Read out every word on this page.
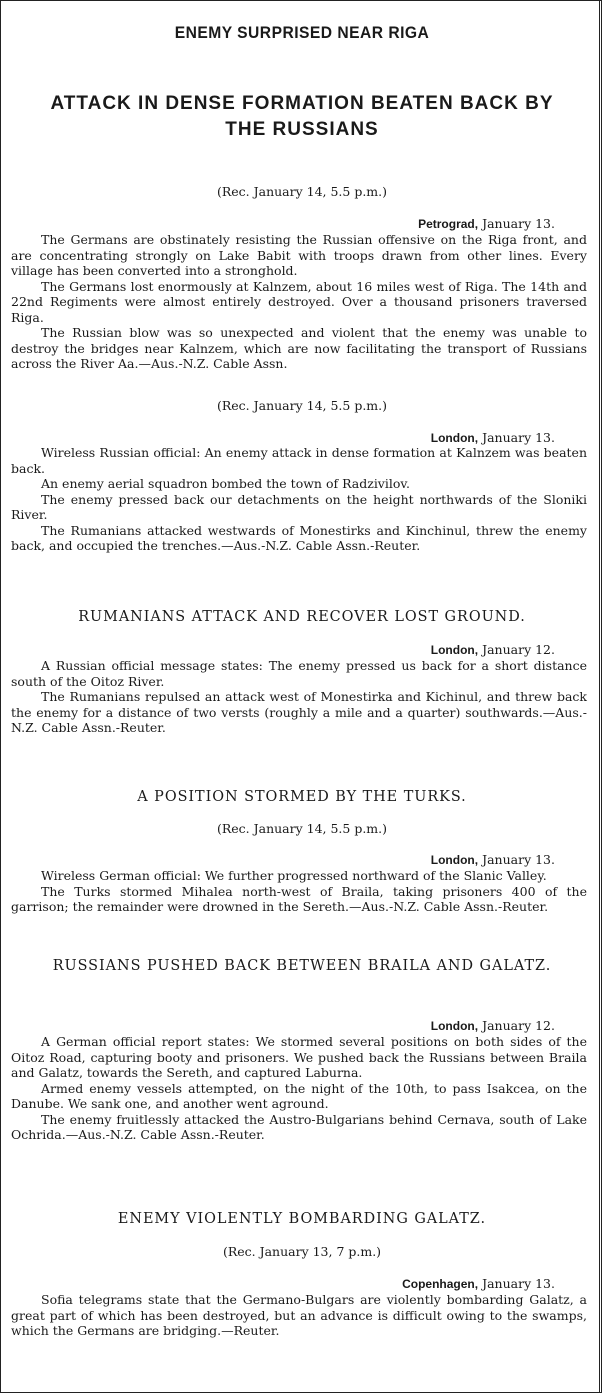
ENEMY SURPRISED NEAR RIGA
ATTACK IN DENSE FORMATION BEATEN BACK BY THE RUSSIANS
(Rec. January 14, 5.5 p.m.)
Petrograd, January 13.

The Germans are obstinately resisting the Russian offensive on the Riga front, and are concentrating strongly on Lake Babit with troops drawn from other lines. Every village has been converted into a stronghold.

The Germans lost enormously at Kalnzem, about 16 miles west of Riga. The 14th and 22nd Regiments were almost entirely destroyed. Over a thousand prisoners traversed Riga.

The Russian blow was so unexpected and violent that the enemy was unable to destroy the bridges near Kalnzem, which are now facilitating the transport of Russians across the River Aa.—Aus.-N.Z. Cable Assn.

(Rec. January 14, 5.5 p.m.)
London, January 13.

Wireless Russian official: An enemy attack in dense formation at Kalnzem was beaten back.

An enemy aerial squadron bombed the town of Radzivilov.

The enemy pressed back our detachments on the height northwards of the Sloniki River.

The Rumanians attacked westwards of Monestirks and Kinchinul, threw the enemy back, and occupied the trenches.—Aus.-N.Z. Cable Assn.-Reuter.

RUMANIANS ATTACK AND RECOVER LOST GROUND.
London, January 12.

A Russian official message states: The enemy pressed us back for a short distance south of the Oitoz River.

The Rumanians repulsed an attack west of Monestirka and Kichinul, and threw back the enemy for a distance of two versts (roughly a mile and a quarter) southwards.—Aus.-N.Z. Cable Assn.-Reuter.

A POSITION STORMED BY THE TURKS.
(Rec. January 14, 5.5 p.m.)
London, January 13.

Wireless German official: We further progressed northward of the Slanic Valley.

The Turks stormed Mihalea north-west of Braila, taking prisoners 400 of the garrison; the remainder were drowned in the Sereth.—Aus.-N.Z. Cable Assn.-Reuter.

RUSSIANS PUSHED BACK BETWEEN BRAILA AND GALATZ.
London, January 12.

A German official report states: We stormed several positions on both sides of the Oitoz Road, capturing booty and prisoners. We pushed back the Russians between Braila and Galatz, towards the Sereth, and captured Laburna.

Armed enemy vessels attempted, on the night of the 10th, to pass Isakcea, on the Danube. We sank one, and another went aground.

The enemy fruitlessly attacked the Austro-Bulgarians behind Cernava, south of Lake Ochrida.—Aus.-N.Z. Cable Assn.-Reuter.

ENEMY VIOLENTLY BOMBARDING GALATZ.
(Rec. January 13, 7 p.m.)
Copenhagen, January 13.

Sofia telegrams state that the Germano-Bulgars are violently bombarding Galatz, a great part of which has been destroyed, but an advance is difficult owing to the swamps, which the Germans are bridging.—Reuter.
